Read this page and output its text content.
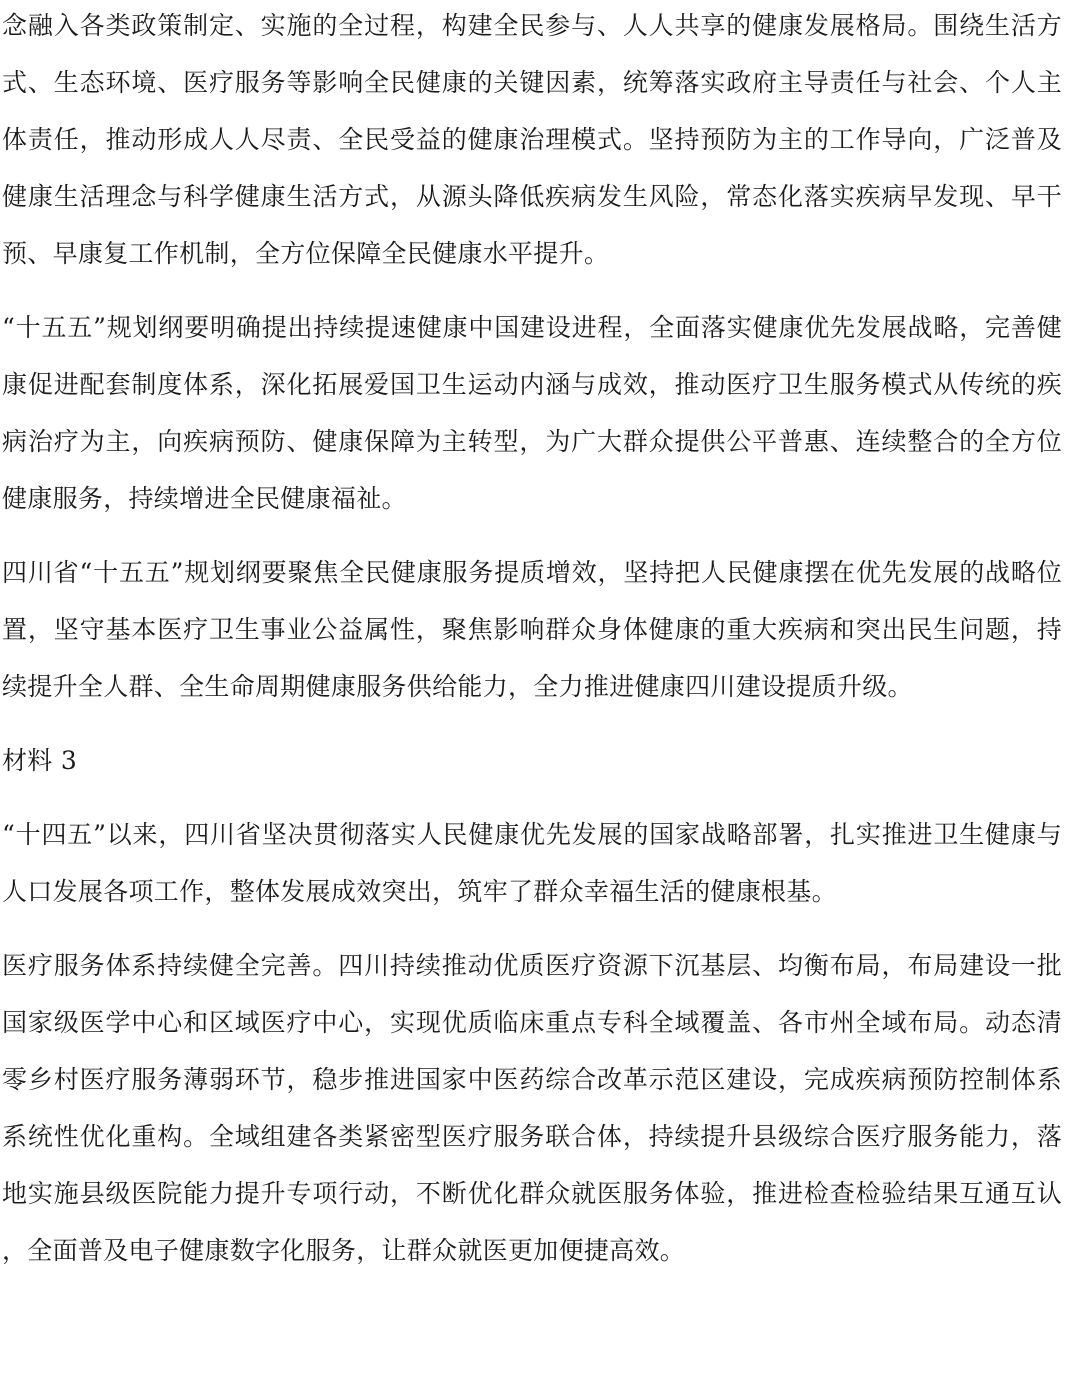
念融入各类政策制定、实施的全过程，构建全民参与、人人共享的健康发展格局。围绕生活方式、生态环境、医疗服务等影响全民健康的关键因素，统筹落实政府主导责任与社会、个人主体责任，推动形成人人尽责、全民受益的健康治理模式。坚持预防为主的工作导向，广泛普及健康生活理念与科学健康生活方式，从源头降低疾病发生风险，常态化落实疾病早发现、早干预、早康复工作机制，全方位保障全民健康水平提升。

“十五五”规划纲要明确提出持续提速健康中国建设进程，全面落实健康优先发展战略，完善健康促进配套制度体系，深化拓展爱国卫生运动内涵与成效，推动医疗卫生服务模式从传统的疾病治疗为主，向疾病预防、健康保障为主转型，为广大群众提供公平普惠、连续整合的全方位健康服务，持续增进全民健康福祉。

四川省“十五五”规划纲要聚焦全民健康服务提质增效，坚持把人民健康摆在优先发展的战略位置，坚守基本医疗卫生事业公益属性，聚焦影响群众身体健康的重大疾病和突出民生问题，持续提升全人群、全生命周期健康服务供给能力，全力推进健康四川建设提质升级。

材料 3

“十四五”以来，四川省坚决贯彻落实人民健康优先发展的国家战略部署，扎实推进卫生健康与人口发展各项工作，整体发展成效突出，筑牢了群众幸福生活的健康根基。

医疗服务体系持续健全完善。四川持续推动优质医疗资源下沉基层、均衡布局，布局建设一批国家级医学中心和区域医疗中心，实现优质临床重点专科全域覆盖、各市州全域布局。动态清零乡村医疗服务薄弱环节，稳步推进国家中医药综合改革示范区建设，完成疾病预防控制体系系统性优化重构。全域组建各类紧密型医疗服务联合体，持续提升县级综合医疗服务能力，落地实施县级医院能力提升专项行动，不断优化群众就医服务体验，推进检查检验结果互通互认，全面普及电子健康数字化服务，让群众就医更加便捷高效。
